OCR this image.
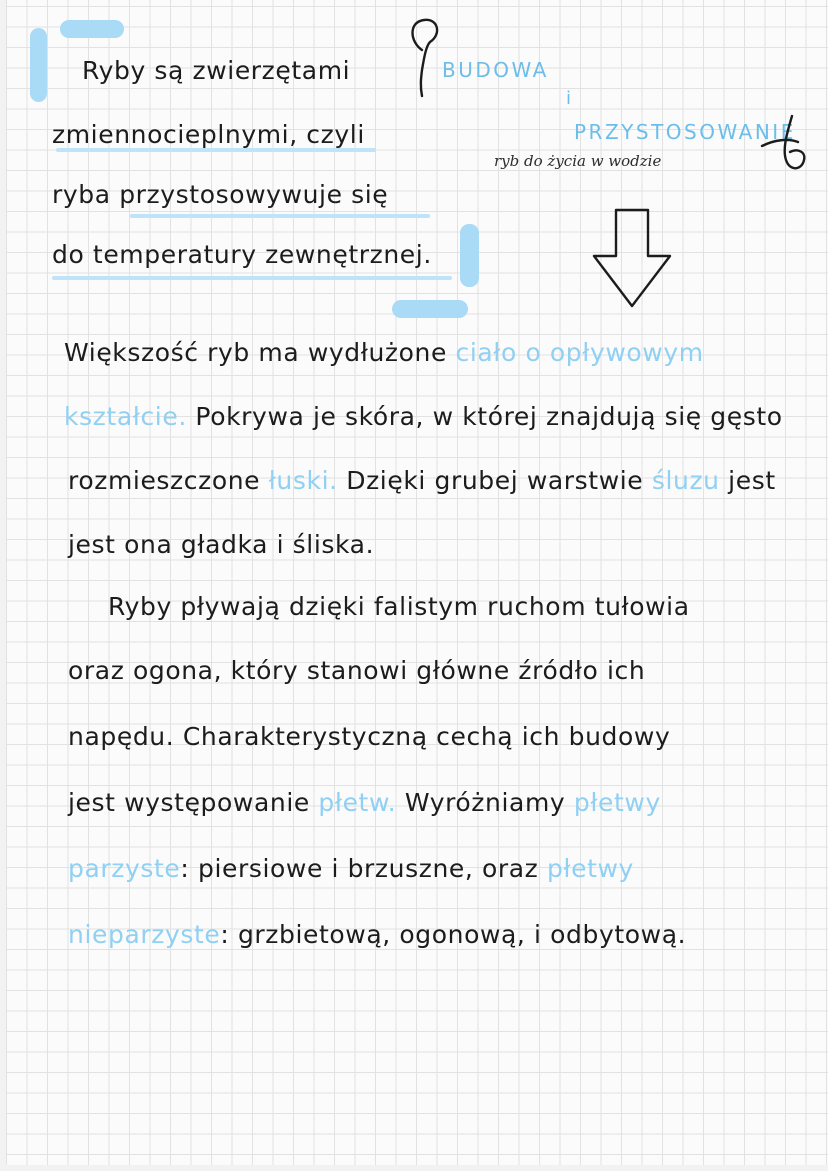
Ryby są zwierzętami
zmiennocieplnymi, czyli
ryba przystosowywuje się
do temperatury zewnętrznej.
BUDOWA
i
PRZYSTOSOWANIE
ryb do życia w wodzie
Większość ryb ma wydłużone ciało o opływowym
kształcie. Pokrywa je skóra, w której znajdują się gęsto
rozmieszczone łuski. Dzięki grubej warstwie śluzu jest
jest ona gładka i śliska.
Ryby pływają dzięki falistym ruchom tułowia
oraz ogona, który stanowi główne źródło ich
napędu. Charakterystyczną cechą ich budowy
jest występowanie płetw. Wyróżniamy płetwy
parzyste: piersiowe i brzuszne, oraz płetwy
nieparzyste: grzbietową, ogonową, i odbytową.
